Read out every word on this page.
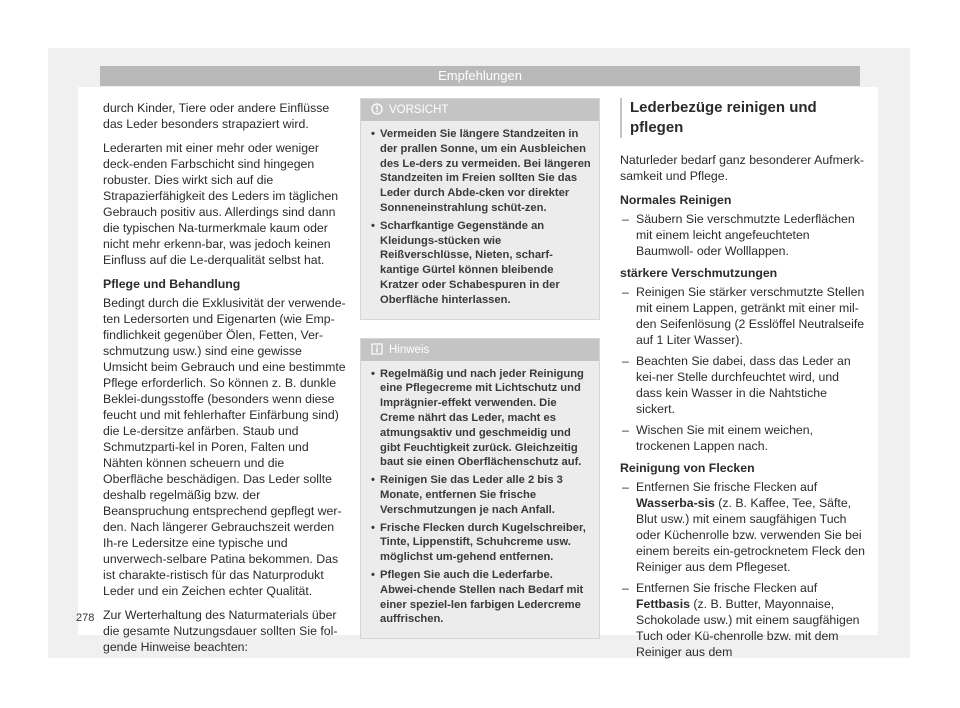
Empfehlungen

durch Kinder, Tiere oder andere Einflüsse das Leder besonders strapaziert wird.

Lederarten mit einer mehr oder weniger deck-enden Farbschicht sind hingegen robuster. Dies wirkt sich auf die Strapazierfähigkeit des Leders im täglichen Gebrauch positiv aus. Allerdings sind dann die typischen Na-turmerkmale kaum oder nicht mehr erkenn-bar, was jedoch keinen Einfluss auf die Le-derqualität selbst hat.

Pflege und Behandlung

Bedingt durch die Exklusivität der verwende-ten Ledersorten und Eigenarten (wie Emp-findlichkeit gegenüber Ölen, Fetten, Ver-schmutzung usw.) sind eine gewisse Umsicht beim Gebrauch und eine bestimmte Pflege erforderlich. So können z. B. dunkle Beklei-dungsstoffe (besonders wenn diese feucht und mit fehlerhafter Einfärbung sind) die Le-dersitze anfärben. Staub und Schmutzparti-kel in Poren, Falten und Nähten können scheuern und die Oberfläche beschädigen. Das Leder sollte deshalb regelmäßig bzw. der Beanspruchung entsprechend gepflegt wer-den. Nach längerer Gebrauchszeit werden Ih-re Ledersitze eine typische und unverwech-selbare Patina bekommen. Das ist charakte-ristisch für das Naturprodukt Leder und ein Zeichen echter Qualität.

Zur Werterhaltung des Naturmaterials über die gesamte Nutzungsdauer sollten Sie fol-gende Hinweise beachten:

VORSICHT
• Vermeiden Sie längere Standzeiten in der prallen Sonne, um ein Ausbleichen des Le-ders zu vermeiden. Bei längeren Standzeiten im Freien sollten Sie das Leder durch Abde-cken vor direkter Sonneneinstrahlung schüt-zen.
• Scharfkantige Gegenstände an Kleidungs-stücken wie Reißverschlüsse, Nieten, scharf-kantige Gürtel können bleibende Kratzer oder Schabespuren in der Oberfläche hinterlassen.
Hinweis
• Regelmäßig und nach jeder Reinigung eine Pflegecreme mit Lichtschutz und Imprägnier-effekt verwenden. Die Creme nährt das Leder, macht es atmungsaktiv und geschmeidig und gibt Feuchtigkeit zurück. Gleichzeitig baut sie einen Oberflächenschutz auf.
• Reinigen Sie das Leder alle 2 bis 3 Monate, entfernen Sie frische Verschmutzungen je nach Anfall.
• Frische Flecken durch Kugelschreiber, Tinte, Lippenstift, Schuhcreme usw. möglichst um-gehend entfernen.
• Pflegen Sie auch die Lederfarbe. Abwei-chende Stellen nach Bedarf mit einer speziel-len farbigen Ledercreme auffrischen.
Lederbezüge reinigen und pflegen

Naturleder bedarf ganz besonderer Aufmerk-samkeit und Pflege.

Normales Reinigen
– Säubern Sie verschmutzte Lederflächen mit einem leicht angefeuchteten Baumwoll- oder Wolllappen.
stärkere Verschmutzungen
– Reinigen Sie stärker verschmutzte Stellen mit einem Lappen, getränkt mit einer mil-den Seifenlösung (2 Esslöffel Neutralseife auf 1 Liter Wasser).
– Beachten Sie dabei, dass das Leder an kei-ner Stelle durchfeuchtet wird, und dass kein Wasser in die Nahtstiche sickert.
– Wischen Sie mit einem weichen, trockenen Lappen nach.
Reinigung von Flecken
– Entfernen Sie frische Flecken auf Wasserba-sis (z. B. Kaffee, Tee, Säfte, Blut usw.) mit einem saugfähigen Tuch oder Küchenrolle bzw. verwenden Sie bei einem bereits ein-getrocknetem Fleck den Reiniger aus dem Pflegeset.
– Entfernen Sie frische Flecken auf Fettbasis (z. B. Butter, Mayonnaise, Schokolade usw.) mit einem saugfähigen Tuch oder Kü-chenrolle bzw. mit dem Reiniger aus dem
278
